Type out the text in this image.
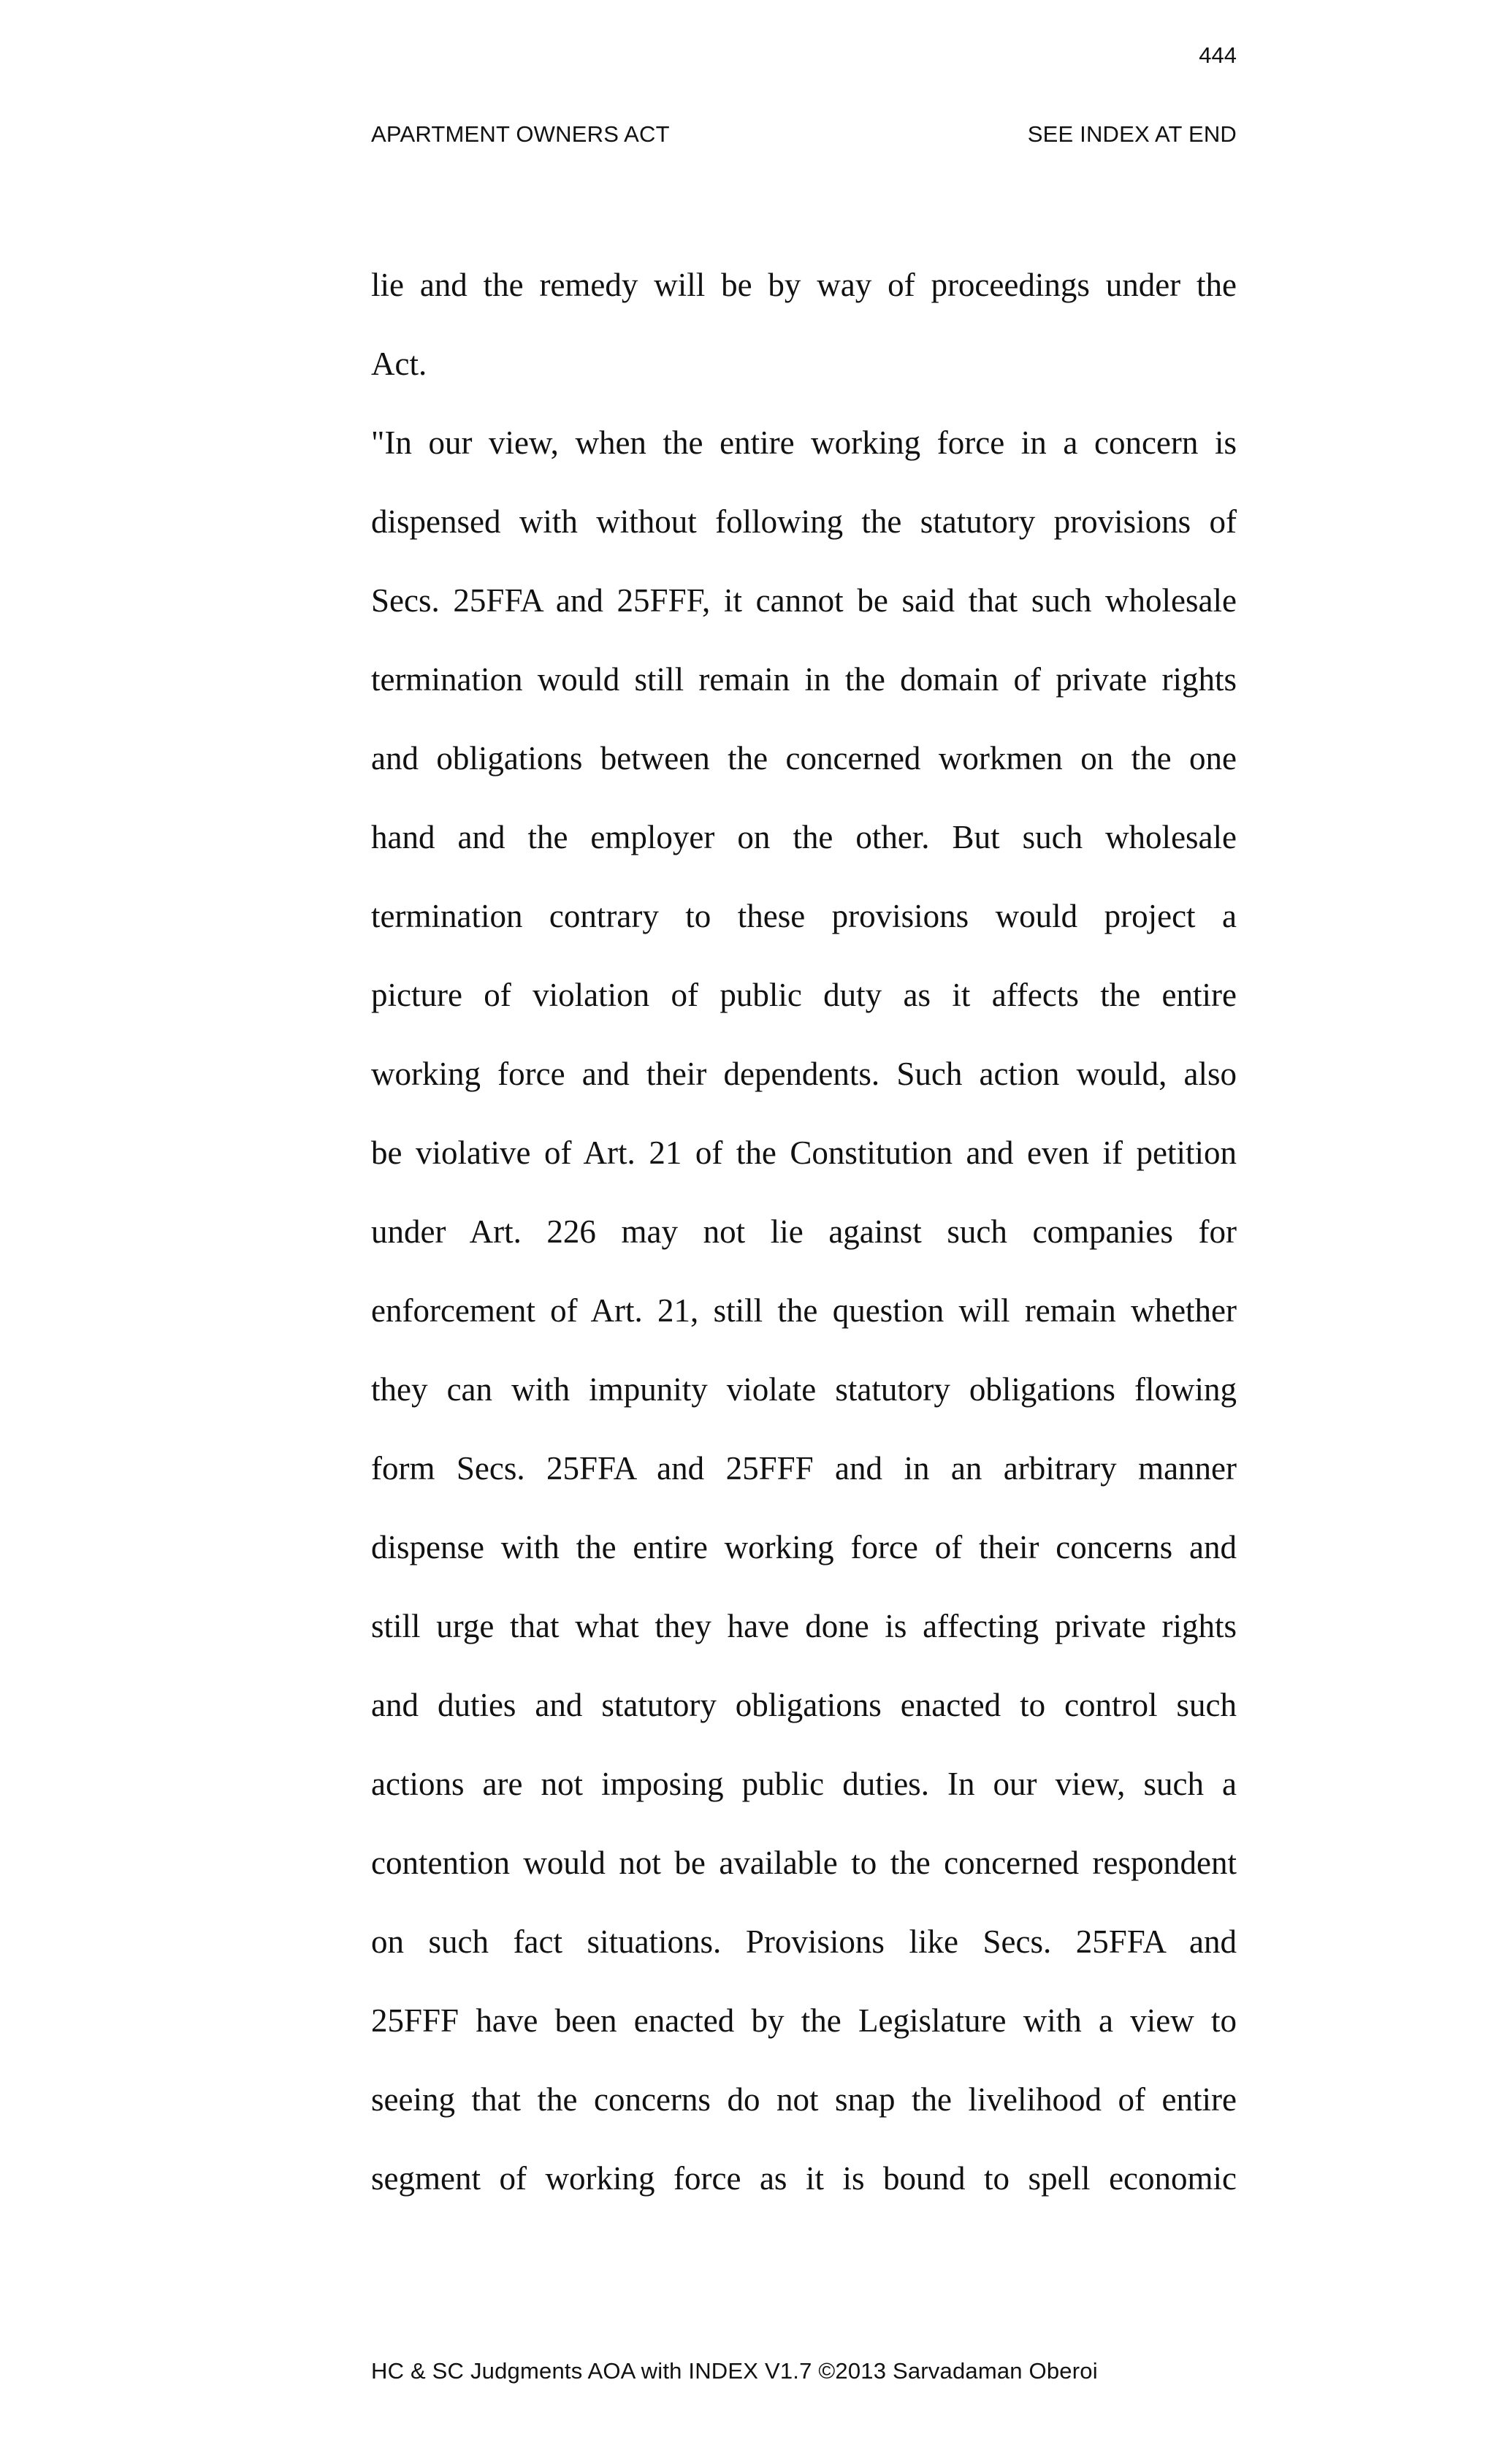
444
APARTMENT OWNERS ACT	SEE INDEX AT END
lie and the remedy will be by way of proceedings under the
Act.
"In our view, when the entire working force in a concern is
dispensed with without following the statutory provisions of
Secs. 25FFA and 25FFF, it cannot be said that such wholesale
termination would still remain in the domain of private rights
and obligations between the concerned workmen on the one
hand and the employer on the other. But such wholesale
termination contrary to these provisions would project a
picture of violation of public duty as it affects the entire
working force and their dependents. Such action would, also
be violative of Art. 21 of the Constitution and even if petition
under Art. 226 may not lie against such companies for
enforcement of Art. 21, still the question will remain whether
they can with impunity violate statutory obligations flowing
form Secs. 25FFA and 25FFF and in an arbitrary manner
dispense with the entire working force of their concerns and
still urge that what they have done is affecting private rights
and duties and statutory obligations enacted to control such
actions are not imposing public duties. In our view, such a
contention would not be available to the concerned respondent
on such fact situations. Provisions like Secs. 25FFA and
25FFF have been enacted by the Legislature with a view to
seeing that the concerns do not snap the livelihood of entire
segment of working force as it is bound to spell economic
HC & SC Judgments AOA with INDEX V1.7 ©2013 Sarvadaman Oberoi
